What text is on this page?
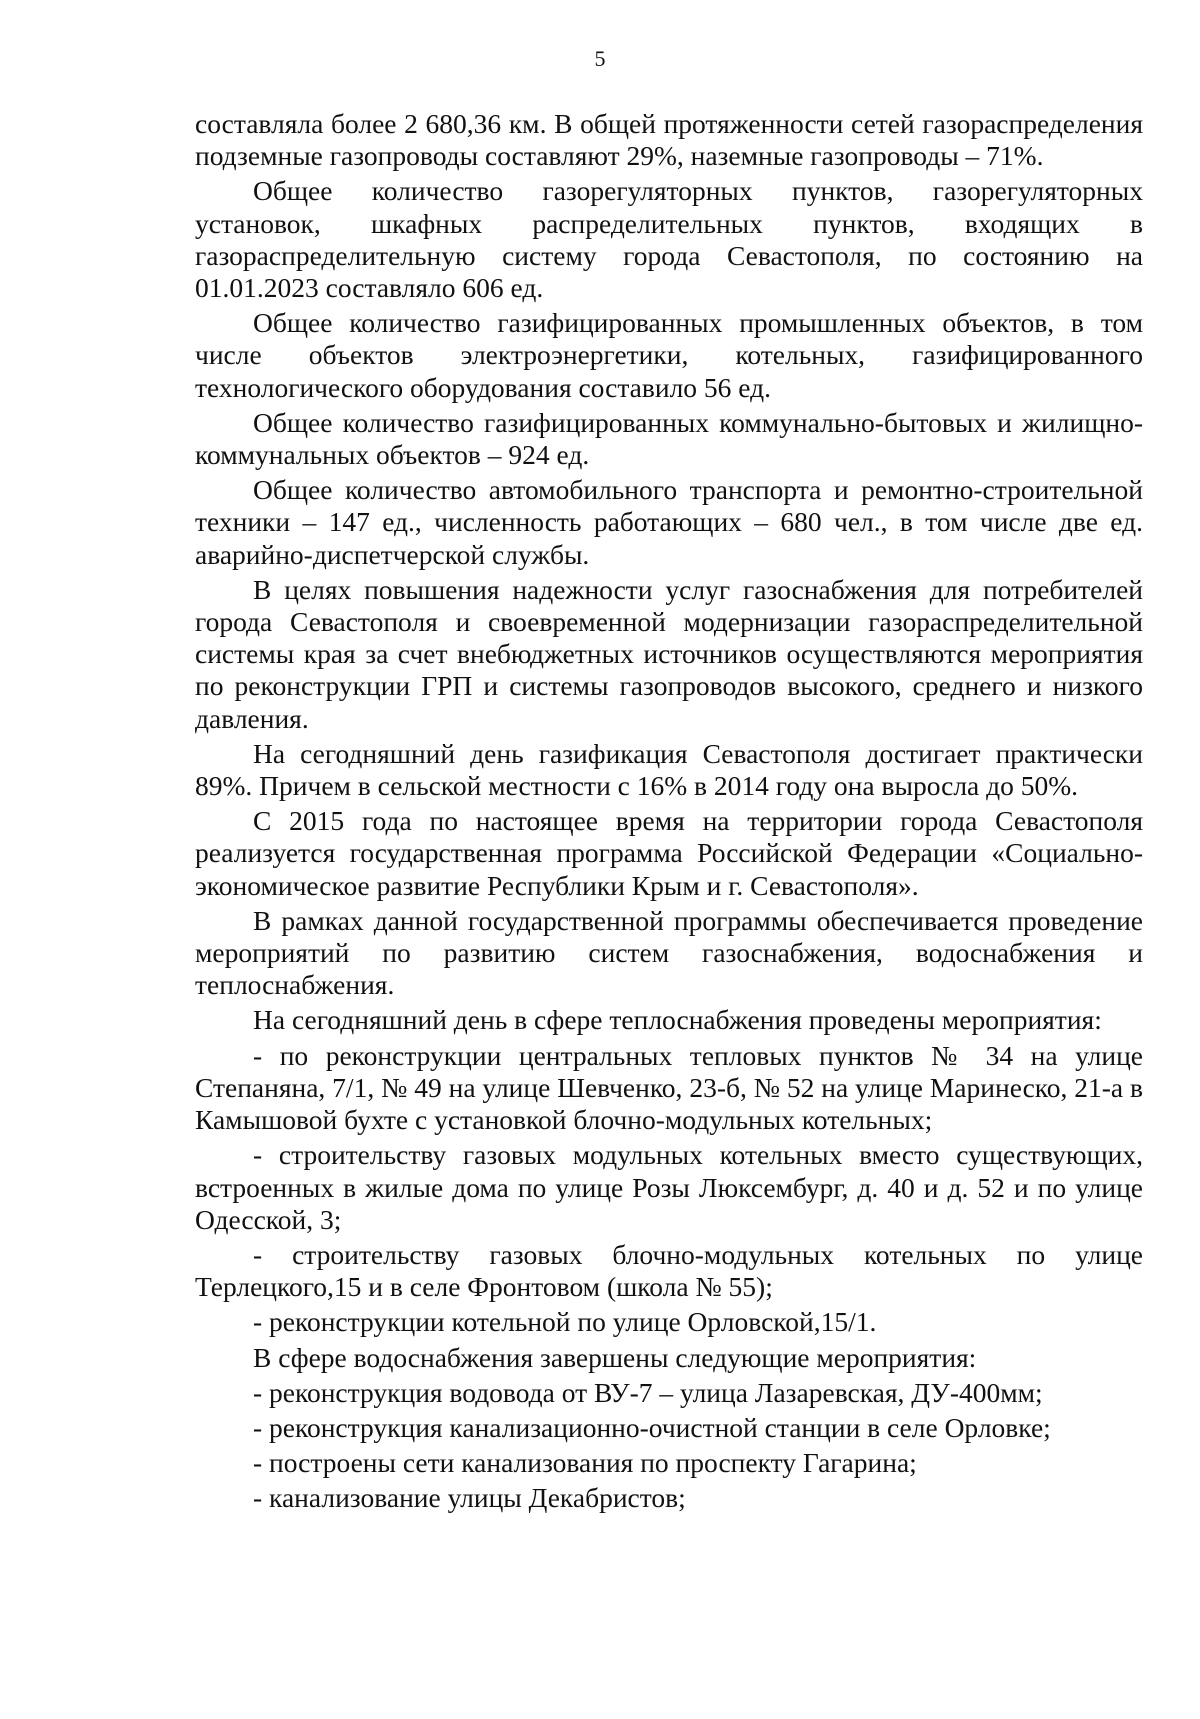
5

составляла более 2 680,36 км. В общей протяженности сетей газораспределения подземные газопроводы составляют 29%, наземные газопроводы – 71%.

Общее количество газорегуляторных пунктов, газорегуляторных установок, шкафных распределительных пунктов, входящих в газораспределительную систему города Севастополя, по состоянию на 01.01.2023 составляло 606 ед.

Общее количество газифицированных промышленных объектов, в том числе объектов электроэнергетики, котельных, газифицированного технологического оборудования составило 56 ед.

Общее количество газифицированных коммунально-бытовых и жилищно-коммунальных объектов – 924 ед.

Общее количество автомобильного транспорта и ремонтно-строительной техники – 147 ед., численность работающих – 680 чел., в том числе две ед. аварийно-диспетчерской службы.

В целях повышения надежности услуг газоснабжения для потребителей города Севастополя и своевременной модернизации газораспределительной системы края за счет внебюджетных источников осуществляются мероприятия по реконструкции ГРП и системы газопроводов высокого, среднего и низкого давления.

На сегодняшний день газификация Севастополя достигает практически 89%. Причем в сельской местности с 16% в 2014 году она выросла до 50%.

С 2015 года по настоящее время на территории города Севастополя реализуется государственная программа Российской Федерации «Социально-экономическое развитие Республики Крым и г. Севастополя».

В рамках данной государственной программы обеспечивается проведение мероприятий по развитию систем газоснабжения, водоснабжения и теплоснабжения.

На сегодняшний день в сфере теплоснабжения проведены мероприятия:

- по реконструкции центральных тепловых пунктов № 34 на улице Степаняна, 7/1, № 49 на улице Шевченко, 23-б, № 52 на улице Маринеско, 21-а в Камышовой бухте с установкой блочно-модульных котельных;

- строительству газовых модульных котельных вместо существующих, встроенных в жилые дома по улице Розы Люксембург, д. 40 и д. 52 и по улице Одесской, 3;

- строительству газовых блочно-модульных котельных по улице Терлецкого,15 и в селе Фронтовом (школа № 55);

- реконструкции котельной по улице Орловской,15/1.

В сфере водоснабжения завершены следующие мероприятия:

- реконструкция водовода от ВУ-7 – улица Лазаревская, ДУ-400мм;

- реконструкция канализационно-очистной станции в селе Орловке;

- построены сети канализования по проспекту Гагарина;

- канализование улицы Декабристов;
